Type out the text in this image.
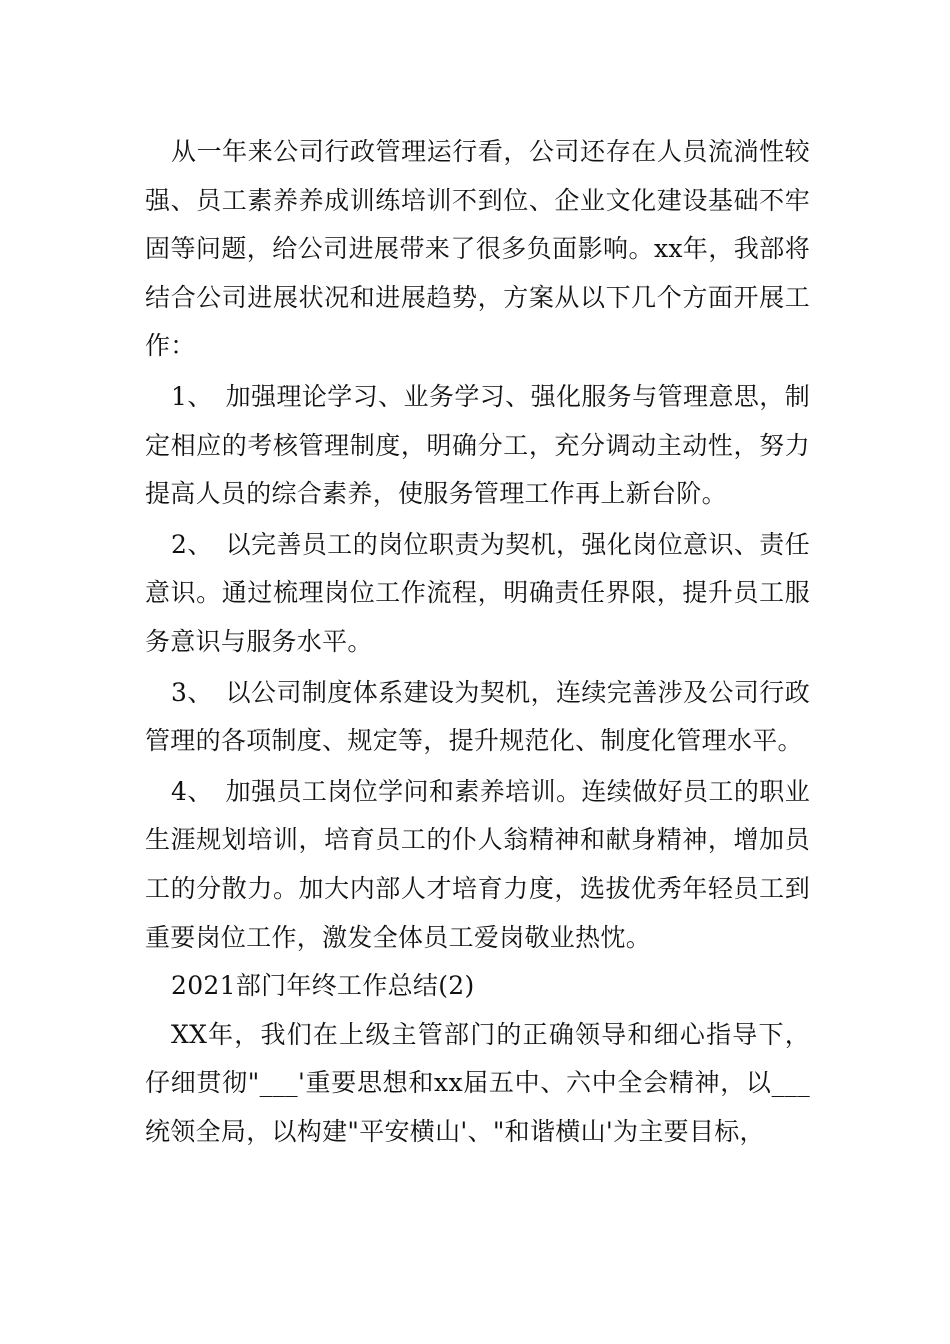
从一年来公司行政管理运行看，公司还存在人员流淌性较强、员工素养养成训练培训不到位、企业文化建设基础不牢固等问题，给公司进展带来了很多负面影响。xx年，我部将结合公司进展状况和进展趋势，方案从以下几个方面开展工作：

1、　加强理论学习、业务学习、强化服务与管理意思，制定相应的考核管理制度，明确分工，充分调动主动性，努力提高人员的综合素养，使服务管理工作再上新台阶。

2、　以完善员工的岗位职责为契机，强化岗位意识、责任意识。通过梳理岗位工作流程，明确责任界限，提升员工服务意识与服务水平。

3、　以公司制度体系建设为契机，连续完善涉及公司行政管理的各项制度、规定等，提升规范化、制度化管理水平。

4、　加强员工岗位学问和素养培训。连续做好员工的职业生涯规划培训，培育员工的仆人翁精神和献身精神，增加员工的分散力。加大内部人才培育力度，选拔优秀年轻员工到重要岗位工作，激发全体员工爱岗敬业热忱。

2021部门年终工作总结(2)

XX年，我们在上级主管部门的正确领导和细心指导下，仔细贯彻"___'重要思想和xx届五中、六中全会精神，以___统领全局，以构建"平安横山'、"和谐横山'为主要目标，
